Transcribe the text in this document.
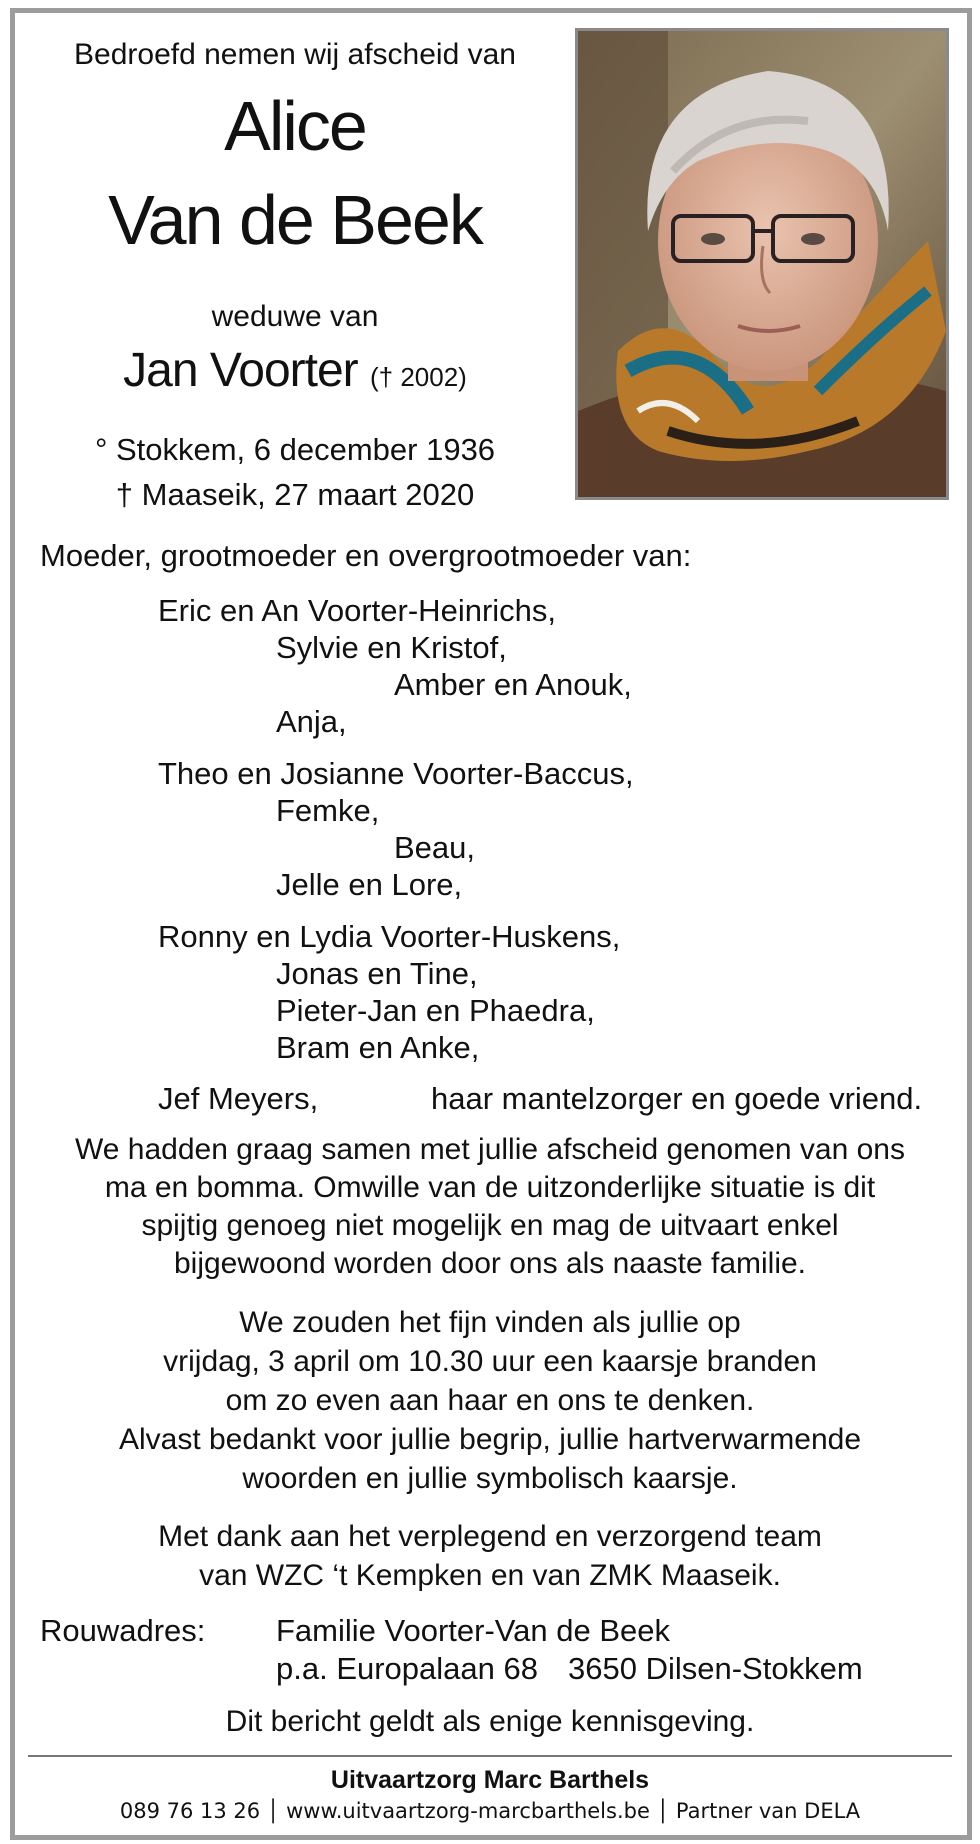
Bedroefd nemen wij afscheid van
Alice
Van de Beek
weduwe van
Jan Voorter († 2002)
° Stokkem, 6 december 1936
† Maaseik, 27 maart 2020
Moeder, grootmoeder en overgrootmoeder van:
Eric en An Voorter-Heinrichs,
Sylvie en Kristof,
Amber en Anouk,
Anja,
Theo en Josianne Voorter-Baccus,
Femke,
Beau,
Jelle en Lore,
Ronny en Lydia Voorter-Huskens,
Jonas en Tine,
Pieter-Jan en Phaedra,
Bram en Anke,
Jef Meyers,	haar mantelzorger en goede vriend.
We hadden graag samen met jullie afscheid genomen van ons
ma en bomma. Omwille van de uitzonderlijke situatie is dit
spijtig genoeg niet mogelijk en mag de uitvaart enkel
bijgewoond worden door ons als naaste familie.
We zouden het fijn vinden als jullie op
vrijdag, 3 april om 10.30 uur een kaarsje branden
om zo even aan haar en ons te denken.
Alvast bedankt voor jullie begrip, jullie hartverwarmende
woorden en jullie symbolisch kaarsje.
Met dank aan het verplegend en verzorgend team
van WZC ‘t Kempken en van ZMK Maaseik.
Rouwadres: Familie Voorter-Van de Beek
p.a. Europalaan 68 3650 Dilsen-Stokkem
Dit bericht geldt als enige kennisgeving.
Uitvaartzorg Marc Barthels
089 76 13 26 │ www.uitvaartzorg-marcbarthels.be │ Partner van DELA
